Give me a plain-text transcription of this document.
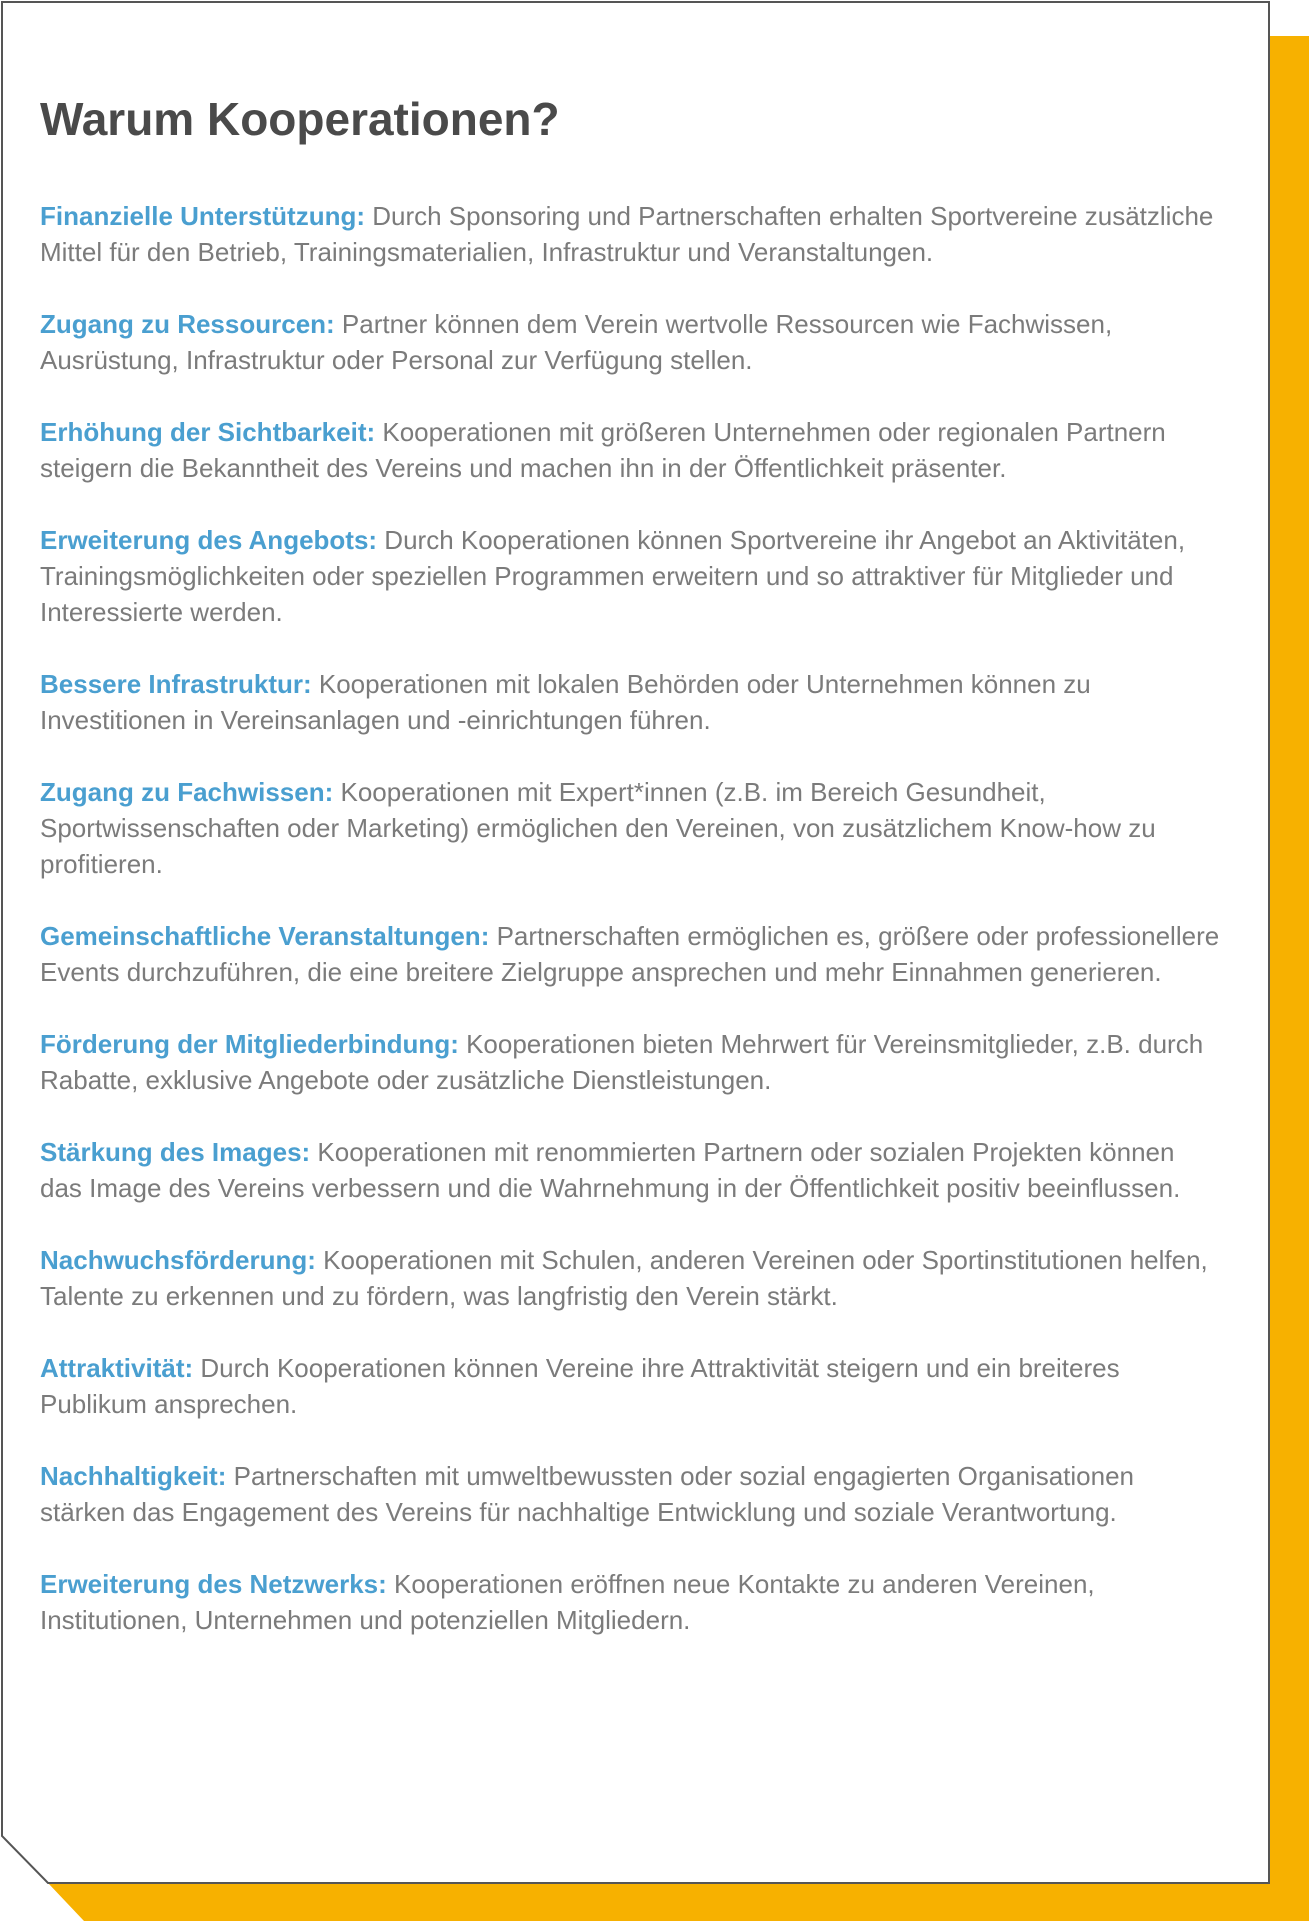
Warum Kooperationen?

Finanzielle Unterstützung: Durch Sponsoring und Partnerschaften erhalten Sportvereine zusätzliche Mittel für den Betrieb, Trainingsmaterialien, Infrastruktur und Veranstaltungen.

Zugang zu Ressourcen: Partner können dem Verein wertvolle Ressourcen wie Fachwissen, Ausrüstung, Infrastruktur oder Personal zur Verfügung stellen.

Erhöhung der Sichtbarkeit: Kooperationen mit größeren Unternehmen oder regionalen Partnern steigern die Bekanntheit des Vereins und machen ihn in der Öffentlichkeit präsenter.

Erweiterung des Angebots: Durch Kooperationen können Sportvereine ihr Angebot an Aktivitäten, Trainingsmöglichkeiten oder speziellen Programmen erweitern und so attraktiver für Mitglieder und Interessierte werden.

Bessere Infrastruktur: Kooperationen mit lokalen Behörden oder Unternehmen können zu Investitionen in Vereinsanlagen und -einrichtungen führen.

Zugang zu Fachwissen: Kooperationen mit Expert*innen (z.B. im Bereich Gesundheit, Sportwissenschaften oder Marketing) ermöglichen den Vereinen, von zusätzlichem Know-how zu profitieren.

Gemeinschaftliche Veranstaltungen: Partnerschaften ermöglichen es, größere oder professionellere Events durchzuführen, die eine breitere Zielgruppe ansprechen und mehr Einnahmen generieren.

Förderung der Mitgliederbindung: Kooperationen bieten Mehrwert für Vereinsmitglieder, z.B. durch Rabatte, exklusive Angebote oder zusätzliche Dienstleistungen.

Stärkung des Images: Kooperationen mit renommierten Partnern oder sozialen Projekten können das Image des Vereins verbessern und die Wahrnehmung in der Öffentlichkeit positiv beeinflussen.

Nachwuchsförderung: Kooperationen mit Schulen, anderen Vereinen oder Sportinstitutionen helfen, Talente zu erkennen und zu fördern, was langfristig den Verein stärkt.

Attraktivität: Durch Kooperationen können Vereine ihre Attraktivität steigern und ein breiteres Publikum ansprechen.

Nachhaltigkeit: Partnerschaften mit umweltbewussten oder sozial engagierten Organisationen stärken das Engagement des Vereins für nachhaltige Entwicklung und soziale Verantwortung.

Erweiterung des Netzwerks: Kooperationen eröffnen neue Kontakte zu anderen Vereinen, Institutionen, Unternehmen und potenziellen Mitgliedern.
